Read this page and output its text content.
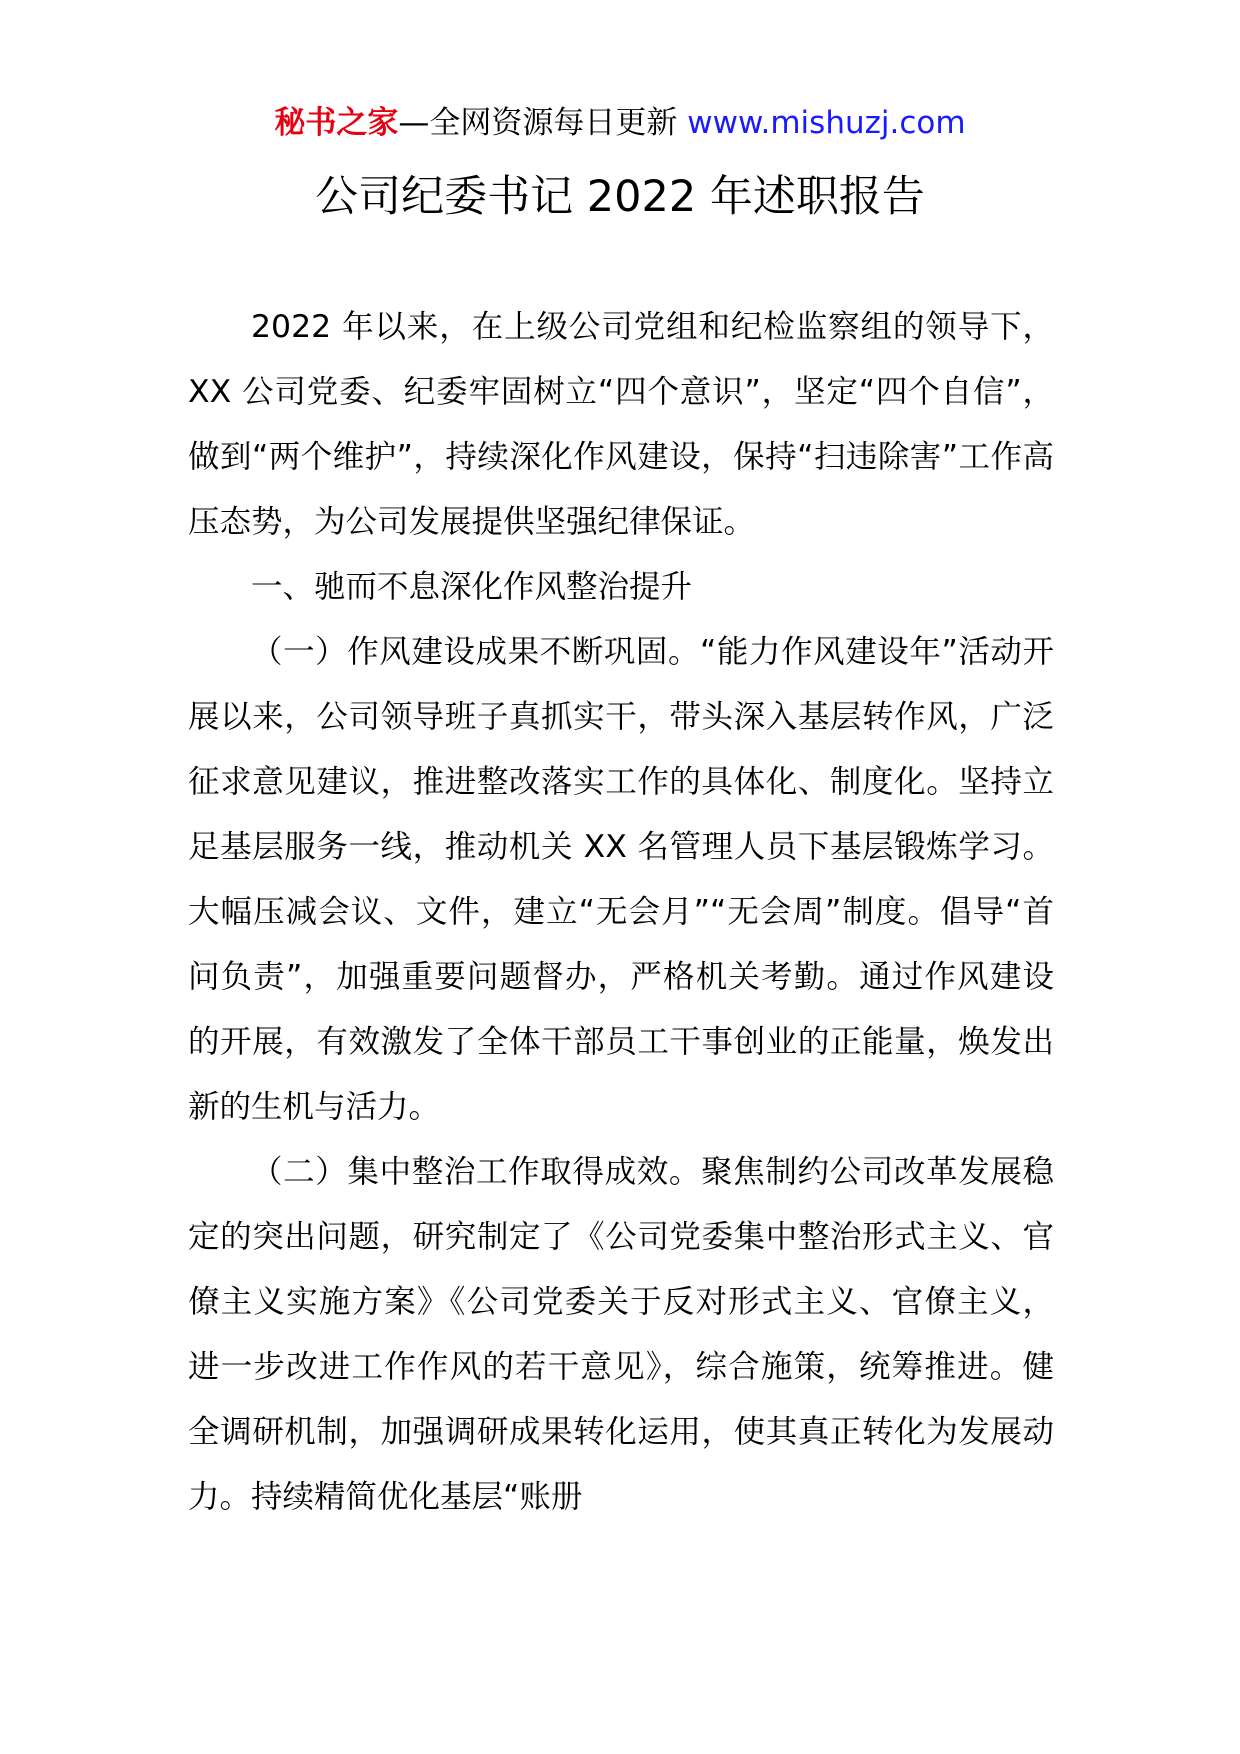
秘书之家—全网资源每日更新 www.mishuzj.com
公司纪委书记 2022 年述职报告

2022 年以来，在上级公司党组和纪检监察组的领导下，XX 公司党委、纪委牢固树立“四个意识”，坚定“四个自信”，做到“两个维护”，持续深化作风建设，保持“扫违除害”工作高压态势，为公司发展提供坚强纪律保证。

一、驰而不息深化作风整治提升

（一）作风建设成果不断巩固。“能力作风建设年”活动开展以来，公司领导班子真抓实干，带头深入基层转作风，广泛征求意见建议，推进整改落实工作的具体化、制度化。坚持立足基层服务一线，推动机关 XX 名管理人员下基层锻炼学习。大幅压减会议、文件，建立“无会月”“无会周”制度。倡导“首问负责”，加强重要问题督办，严格机关考勤。通过作风建设的开展，有效激发了全体干部员工干事创业的正能量，焕发出新的生机与活力。

（二）集中整治工作取得成效。聚焦制约公司改革发展稳定的突出问题，研究制定了《公司党委集中整治形式主义、官僚主义实施方案》《公司党委关于反对形式主义、官僚主义，进一步改进工作作风的若干意见》，综合施策，统筹推进。健全调研机制，加强调研成果转化运用，使其真正转化为发展动力。持续精简优化基层“账册
